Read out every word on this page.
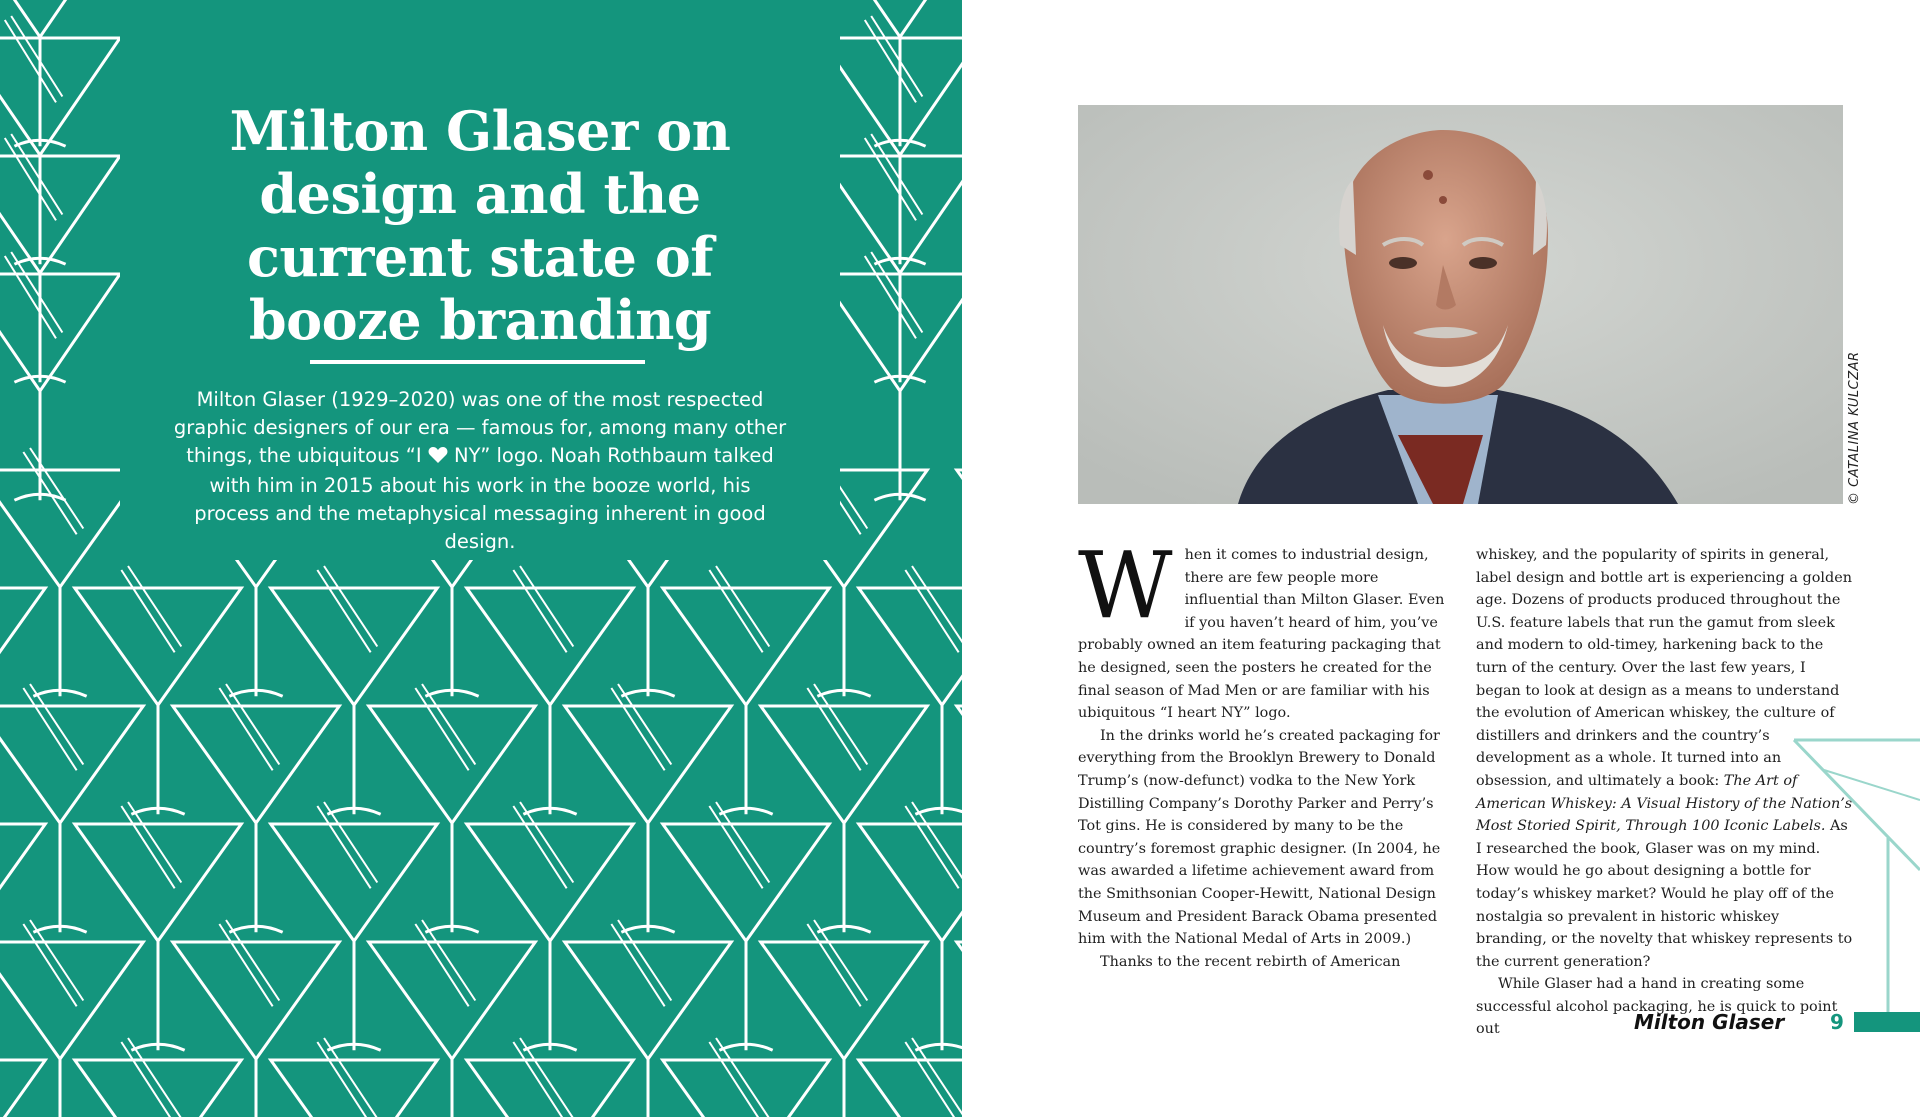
Milton Glaser on design and the current state of booze branding

Milton Glaser (1929–2020) was one of the most respected graphic designers of our era — famous for, among many other things, the ubiquitous “I  NY” logo. Noah Rothbaum talked with him in 2015 about his work in the booze world, his process and the metaphysical messaging inherent in good design.

© CATALINA KULCZAR

When it comes to industrial design, there are few people more influential than Milton Glaser. Even if you haven’t heard of him, you’ve probably owned an item featuring packaging that he designed, seen the posters he created for the final season of Mad Men or are familiar with his ubiquitous “I heart NY” logo.

In the drinks world he’s created packaging for everything from the Brooklyn Brewery to Donald Trump’s (now-defunct) vodka to the New York Distilling Company’s Dorothy Parker and Perry’s Tot gins. He is considered by many to be the country’s foremost graphic designer. (In 2004, he was awarded a lifetime achievement award from the Smithsonian Cooper-Hewitt, National Design Museum and President Barack Obama presented him with the National Medal of Arts in 2009.)

Thanks to the recent rebirth of American

whiskey, and the popularity of spirits in general, label design and bottle art is experiencing a golden age. Dozens of products produced throughout the U.S. feature labels that run the gamut from sleek and modern to old-timey, harkening back to the turn of the century. Over the last few years, I began to look at design as a means to understand the evolution of American whiskey, the culture of distillers and drinkers and the country’s development as a whole. It turned into an obsession, and ultimately a book: The Art of American Whiskey: A Visual History of the Nation’s Most Storied Spirit, Through 100 Iconic Labels. As I researched the book, Glaser was on my mind. How would he go about designing a bottle for today’s whiskey market? Would he play off of the nostalgia so prevalent in historic whiskey branding, or the novelty that whiskey represents to the current generation?

While Glaser had a hand in creating some successful alcohol packaging, he is quick to point out	Milton Glaser 9
